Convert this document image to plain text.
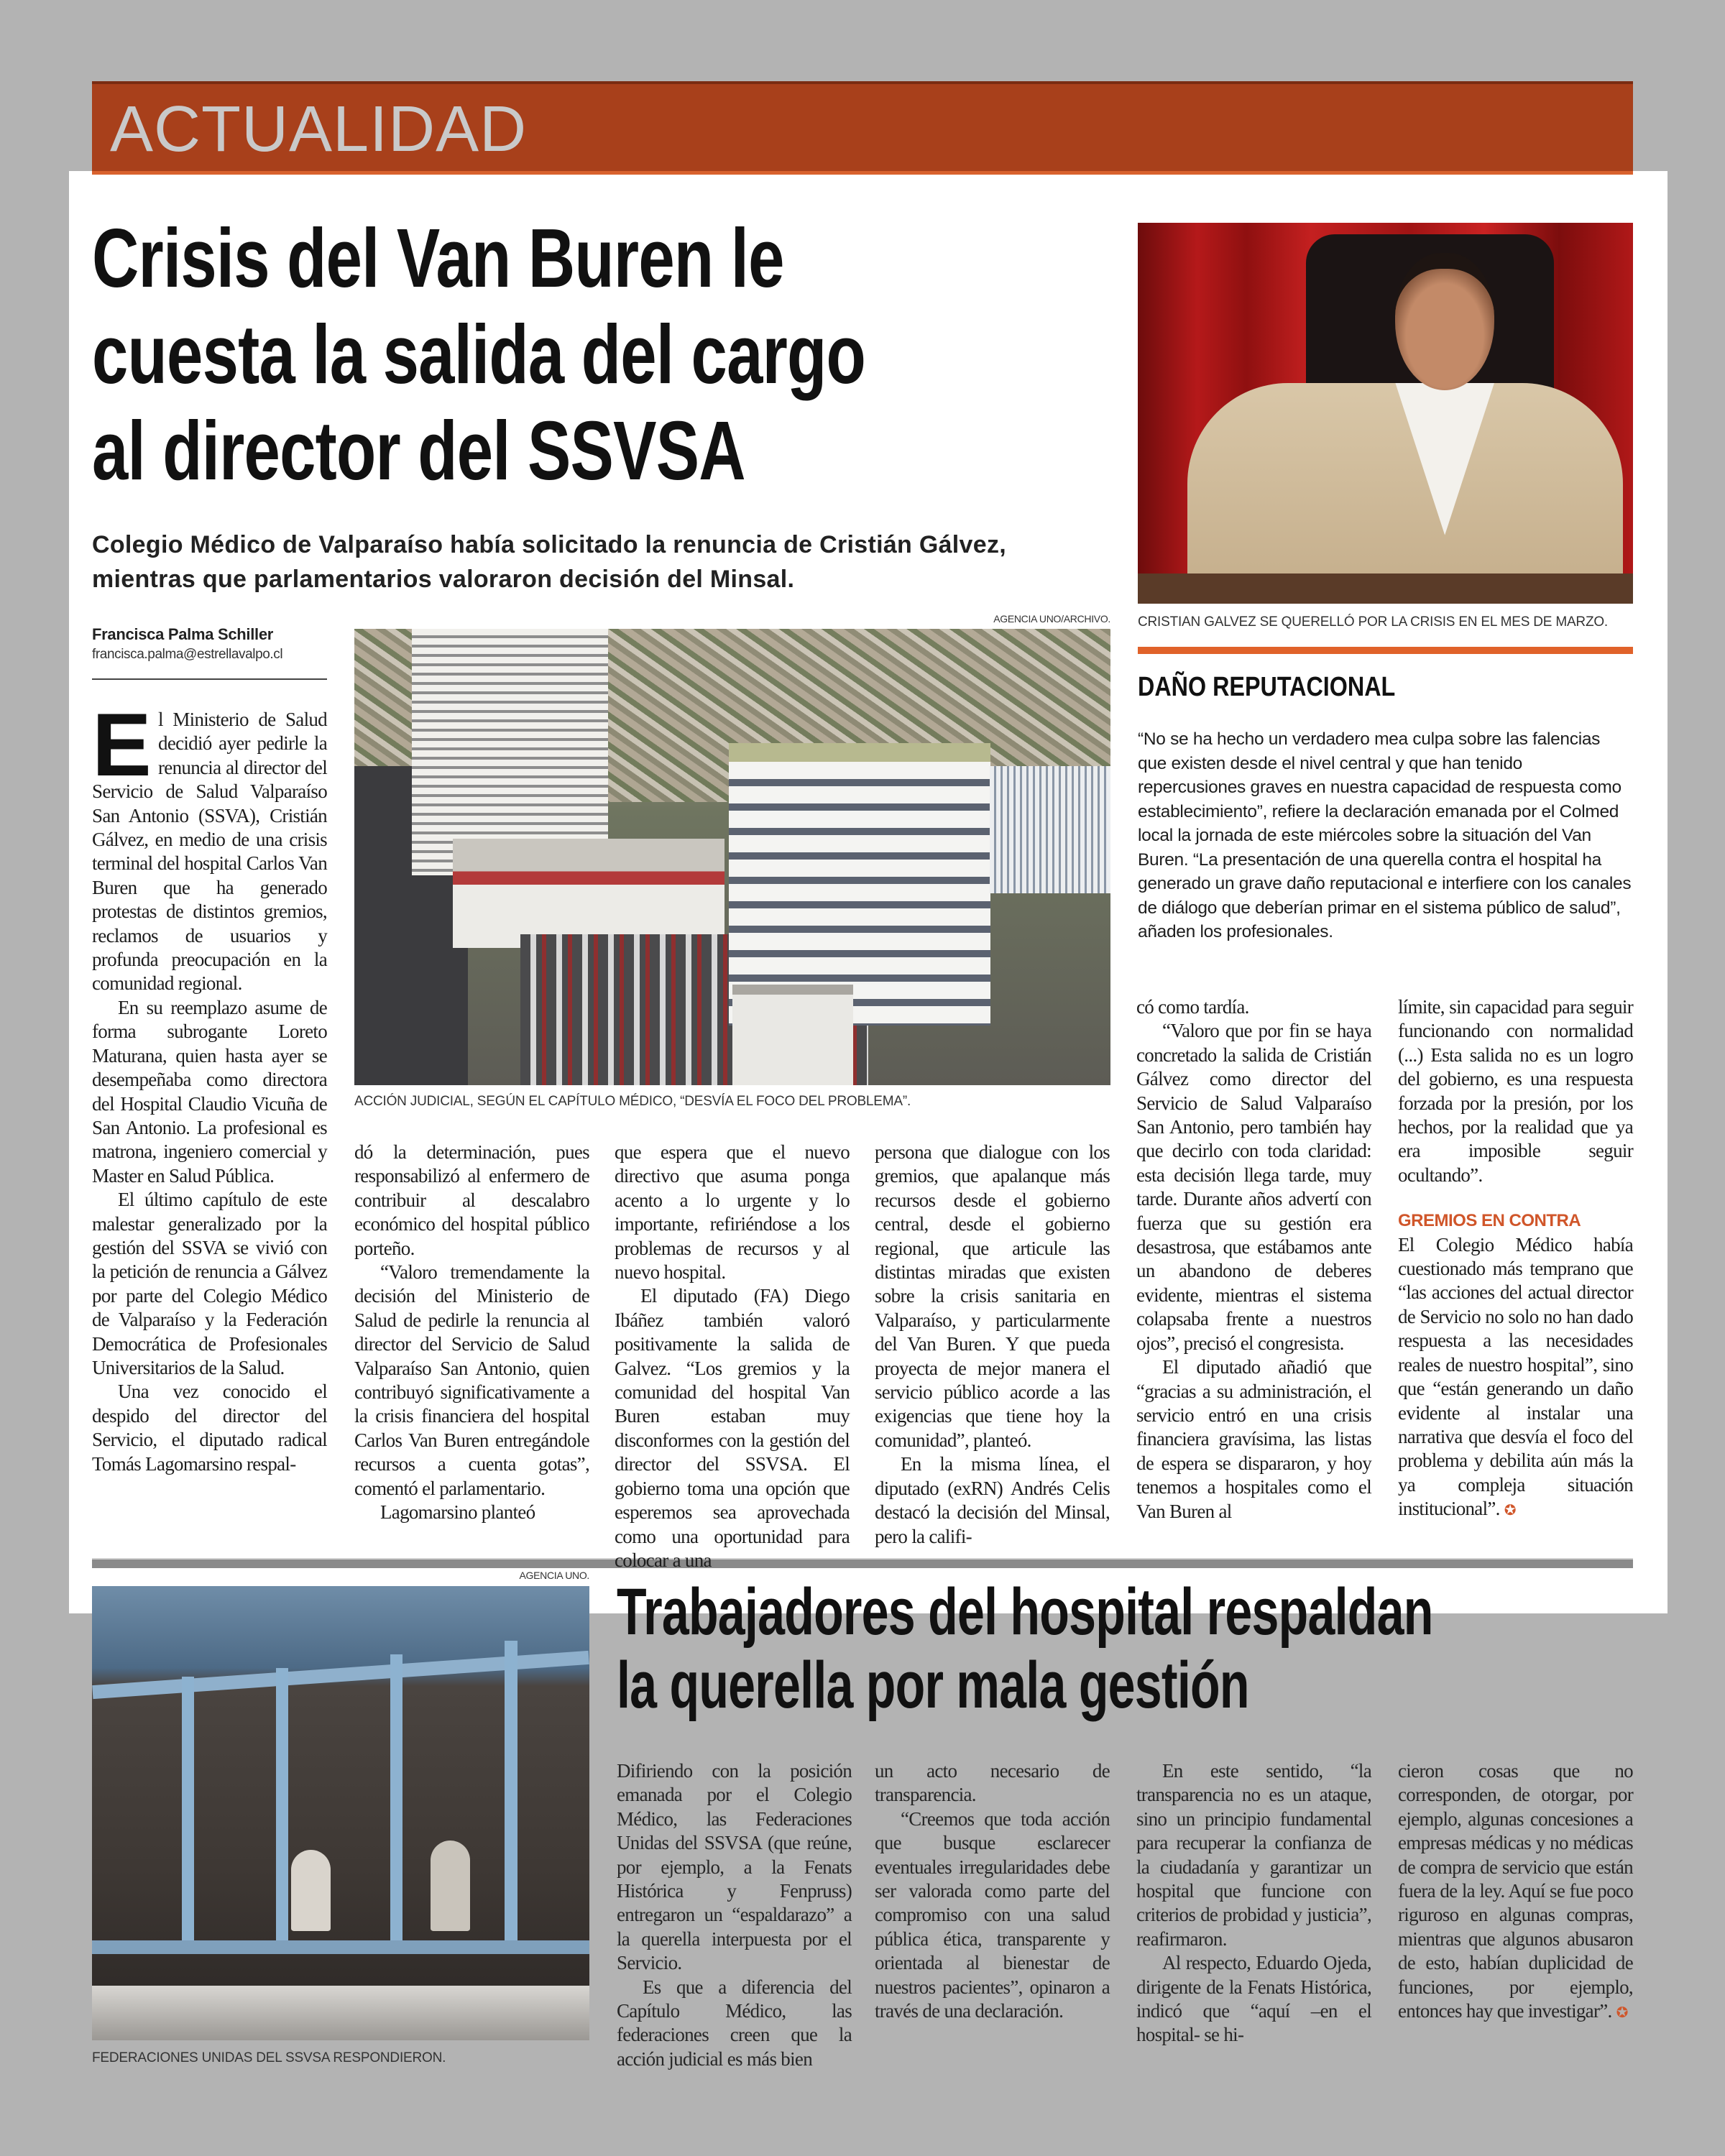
ACTUALIDAD
Crisis del Van Buren le
cuesta la salida del cargo
al director del SSVSA
Colegio Médico de Valparaíso había solicitado la renuncia de Cristián Gálvez, mientras que parlamentarios valoraron decisión del Minsal.
CRISTIAN GALVEZ SE QUERELLÓ POR LA CRISIS EN EL MES DE MARZO.
DAÑO REPUTACIONAL
“No se ha hecho un verdadero mea culpa sobre las falencias que existen desde el nivel central y que han tenido repercusiones graves en nuestra capacidad de respuesta como establecimiento”, refiere la declaración emanada por el Colmed local la jornada de este miércoles sobre la situación del Van Buren. “La presentación de una querella contra el hospital ha generado un grave daño reputacional e interfiere con los canales de diálogo que deberían primar en el sistema público de salud”, añaden los profesionales.
Francisca Palma Schiller
francisca.palma@estrellavalpo.cl
AGENCIA UNO/ARCHIVO.
ACCIÓN JUDICIAL, SEGÚN EL CAPÍTULO MÉDICO, “DESVÍA EL FOCO DEL PROBLEMA”.

El Ministerio de Salud decidió ayer pedirle la renuncia al director del Servicio de Salud Valparaíso San Antonio (SSVA), Cristián Gálvez, en medio de una crisis terminal del hospital Carlos Van Buren que ha generado protestas de distintos gremios, reclamos de usuarios y profunda preocupación en la comunidad regional.

En su reemplazo asume de forma subrogante Loreto Maturana, quien hasta ayer se desempeñaba como directora del Hospital Claudio Vicuña de San Antonio. La profesional es matrona, ingeniero comercial y Master en Salud Pública.

El último capítulo de este malestar generalizado por la gestión del SSVA se vivió con la petición de renuncia a Gálvez por parte del Colegio Médico de Valparaíso y la Federación Democrática de Profesionales Universitarios de la Salud.

Una vez conocido el despido del director del Servicio, el diputado radical Tomás Lagomarsino respal-

dó la determinación, pues responsabilizó al enfermero de contribuir al descalabro económico del hospital público porteño.

“Valoro tremendamente la decisión del Ministerio de Salud de pedirle la renuncia al director del Servicio de Salud Valparaíso San Antonio, quien contribuyó significativamente a la crisis financiera del hospital Carlos Van Buren entregándole recursos a cuenta gotas”, comentó el parlamentario.

Lagomarsino planteó

que espera que el nuevo directivo que asuma ponga acento a lo urgente y lo importante, refiriéndose a los problemas de recursos y al nuevo hospital.

El diputado (FA) Diego Ibáñez también valoró positivamente la salida de Galvez. “Los gremios y la comunidad del hospital Van Buren estaban muy disconformes con la gestión del director del SSVSA. El gobierno toma una opción que esperemos sea aprovechada como una oportunidad para colocar a una

persona que dialogue con los gremios, que apalanque más recursos desde el gobierno central, desde el gobierno regional, que articule las distintas miradas que existen sobre la crisis sanitaria en Valparaíso, y particularmente del Van Buren. Y que pueda proyecta de mejor manera el servicio público acorde a las exigencias que tiene hoy la comunidad”, planteó.

En la misma línea, el diputado (exRN) Andrés Celis destacó la decisión del Minsal, pero la califi-

có como tardía.

“Valoro que por fin se haya concretado la salida de Cristián Gálvez como director del Servicio de Salud Valparaíso San Antonio, pero también hay que decirlo con toda claridad: esta decisión llega tarde, muy tarde. Durante años advertí con fuerza que su gestión era desastrosa, que estábamos ante un abandono de deberes evidente, mientras el sistema colapsaba frente a nuestros ojos”, precisó el congresista.

El diputado añadió que “gracias a su administración, el servicio entró en una crisis financiera gravísima, las listas de espera se dispararon, y hoy tenemos a hospitales como el Van Buren al

límite, sin capacidad para seguir funcionando con normalidad (...) Esta salida no es un logro del gobierno, es una respuesta forzada por la presión, por los hechos, por la realidad que ya era imposible seguir ocultando”.

GREMIOS EN CONTRA

El Colegio Médico había cuestionado más temprano que “las acciones del actual director de Servicio no solo no han dado respuesta a las necesidades reales de nuestro hospital”, sino que “están generando un daño evidente al instalar una narrativa que desvía el foco del problema y debilita aún más la ya compleja situación institucional”. ✪

AGENCIA UNO.
FEDERACIONES UNIDAS DEL SSVSA RESPONDIERON.
Trabajadores del hospital respaldan
la querella por mala gestión

Difiriendo con la posición emanada por el Colegio Médico, las Federaciones Unidas del SSVSA (que reúne, por ejemplo, a la Fenats Histórica y Fenpruss) entregaron un “espaldarazo” a la querella interpuesta por el Servicio.

Es que a diferencia del Capítulo Médico, las federaciones creen que la acción judicial es más bien

un acto necesario de transparencia.

“Creemos que toda acción que busque esclarecer eventuales irregularidades debe ser valorada como parte del compromiso con una salud pública ética, transparente y orientada al bienestar de nuestros pacientes”, opinaron a través de una declaración.

En este sentido, “la transparencia no es un ataque, sino un principio fundamental para recuperar la confianza de la ciudadanía y garantizar un hospital que funcione con criterios de probidad y justicia”, reafirmaron.

Al respecto, Eduardo Ojeda, dirigente de la Fenats Histórica, indicó que “aquí –en el hospital- se hi-

cieron cosas que no corresponden, de otorgar, por ejemplo, algunas concesiones a empresas médicas y no médicas de compra de servicio que están fuera de la ley. Aquí se fue poco riguroso en algunas compras, mientras que algunos abusaron de esto, habían duplicidad de funciones, por ejemplo, entonces hay que investigar”. ✪
